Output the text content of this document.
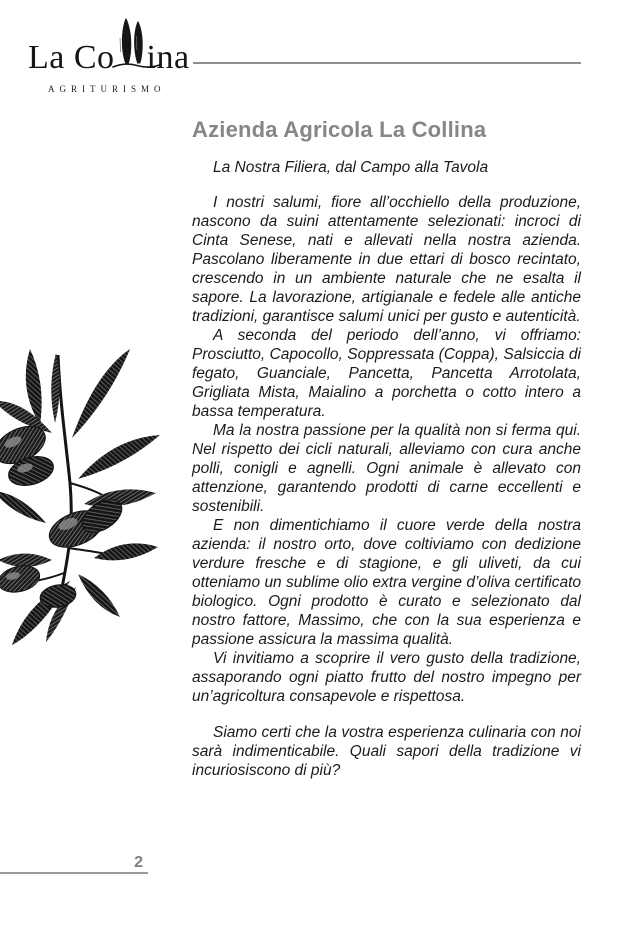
La Co ina
AGRITURISMO
Azienda Agricola La Collina

La Nostra Filiera, dal Campo alla Tavola

I nostri salumi, fiore all’occhiello della produzione, nascono da suini attentamente selezionati: incroci di Cinta Senese, nati e allevati nella nostra azienda. Pascolano liberamente in due ettari di bosco recintato, crescendo in un ambiente naturale che ne esalta il sapore. La lavorazione, artigianale e fedele alle antiche tradizioni, garantisce salumi unici per gusto e autenticità.

A seconda del periodo dell’anno, vi offriamo: Prosciutto, Capocollo, Soppressata (Coppa), Salsiccia di fegato, Guanciale, Pancetta, Pancetta Arrotolata, Grigliata Mista, Maialino a porchetta o cotto intero a bassa temperatura.

Ma la nostra passione per la qualità non si ferma qui. Nel rispetto dei cicli naturali, alleviamo con cura anche polli, conigli e agnelli. Ogni animale è allevato con attenzione, garantendo prodotti di carne eccellenti e sostenibili.

E non dimentichiamo il cuore verde della nostra azienda: il nostro orto, dove coltiviamo con dedizione verdure fresche e di stagione, e gli uliveti, da cui otteniamo un sublime olio extra vergine d’oliva certificato biologico. Ogni prodotto è curato e selezionato dal nostro fattore, Massimo, che con la sua esperienza e passione assicura la massima qualità.

Vi invitiamo a scoprire il vero gusto della tradizione, assaporando ogni piatto frutto del nostro impegno per un’agricoltura consapevole e rispettosa.

Siamo certi che la vostra esperienza culinaria con noi sarà indimenticabile. Quali sapori della tradizione vi incuriosiscono di più?

2
